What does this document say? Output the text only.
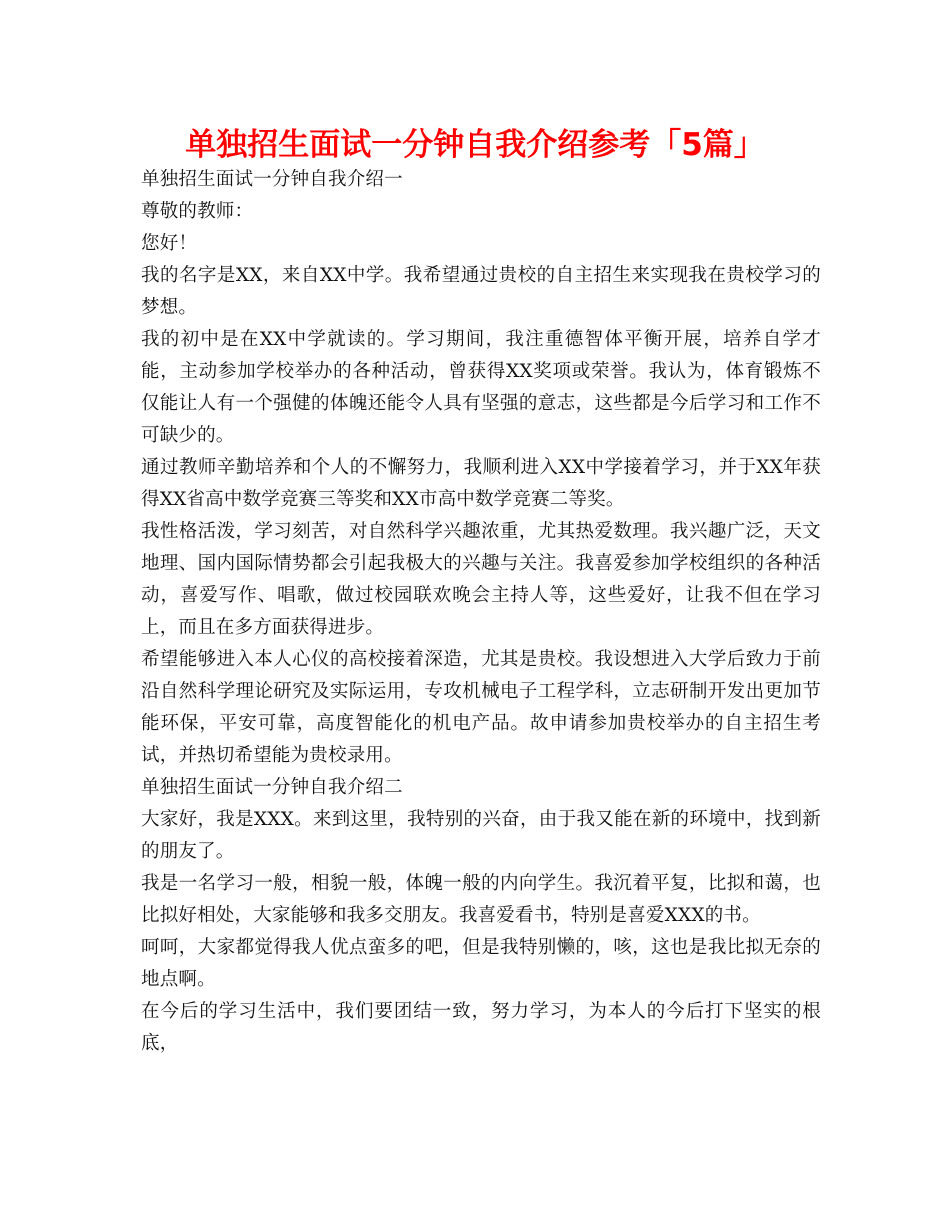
单独招生面试一分钟自我介绍参考「5篇」

单独招生面试一分钟自我介绍一

尊敬的教师：

您好！

我的名字是XX，来自XX中学。我希望通过贵校的自主招生来实现我在贵校学习的梦想。

我的初中是在XX中学就读的。学习期间，我注重德智体平衡开展，培养自学才能，主动参加学校举办的各种活动，曾获得XX奖项或荣誉。我认为，体育锻炼不仅能让人有一个强健的体魄还能令人具有坚强的意志，这些都是今后学习和工作不可缺少的。

通过教师辛勤培养和个人的不懈努力，我顺利进入XX中学接着学习，并于XX年获得XX省高中数学竞赛三等奖和XX市高中数学竞赛二等奖。

我性格活泼，学习刻苦，对自然科学兴趣浓重，尤其热爱数理。我兴趣广泛，天文地理、国内国际情势都会引起我极大的兴趣与关注。我喜爱参加学校组织的各种活动，喜爱写作、唱歌，做过校园联欢晚会主持人等，这些爱好，让我不但在学习上，而且在多方面获得进步。

希望能够进入本人心仪的高校接着深造，尤其是贵校。我设想进入大学后致力于前沿自然科学理论研究及实际运用，专攻机械电子工程学科，立志研制开发出更加节能环保，平安可靠，高度智能化的机电产品。故申请参加贵校举办的自主招生考试，并热切希望能为贵校录用。

单独招生面试一分钟自我介绍二

大家好，我是XXX。来到这里，我特别的兴奋，由于我又能在新的环境中，找到新的朋友了。

我是一名学习一般，相貌一般，体魄一般的内向学生。我沉着平复，比拟和蔼，也比拟好相处，大家能够和我多交朋友。我喜爱看书，特别是喜爱XXX的书。

呵呵，大家都觉得我人优点蛮多的吧，但是我特别懒的，咳，这也是我比拟无奈的地点啊。

在今后的学习生活中，我们要团结一致，努力学习，为本人的今后打下坚实的根底，
